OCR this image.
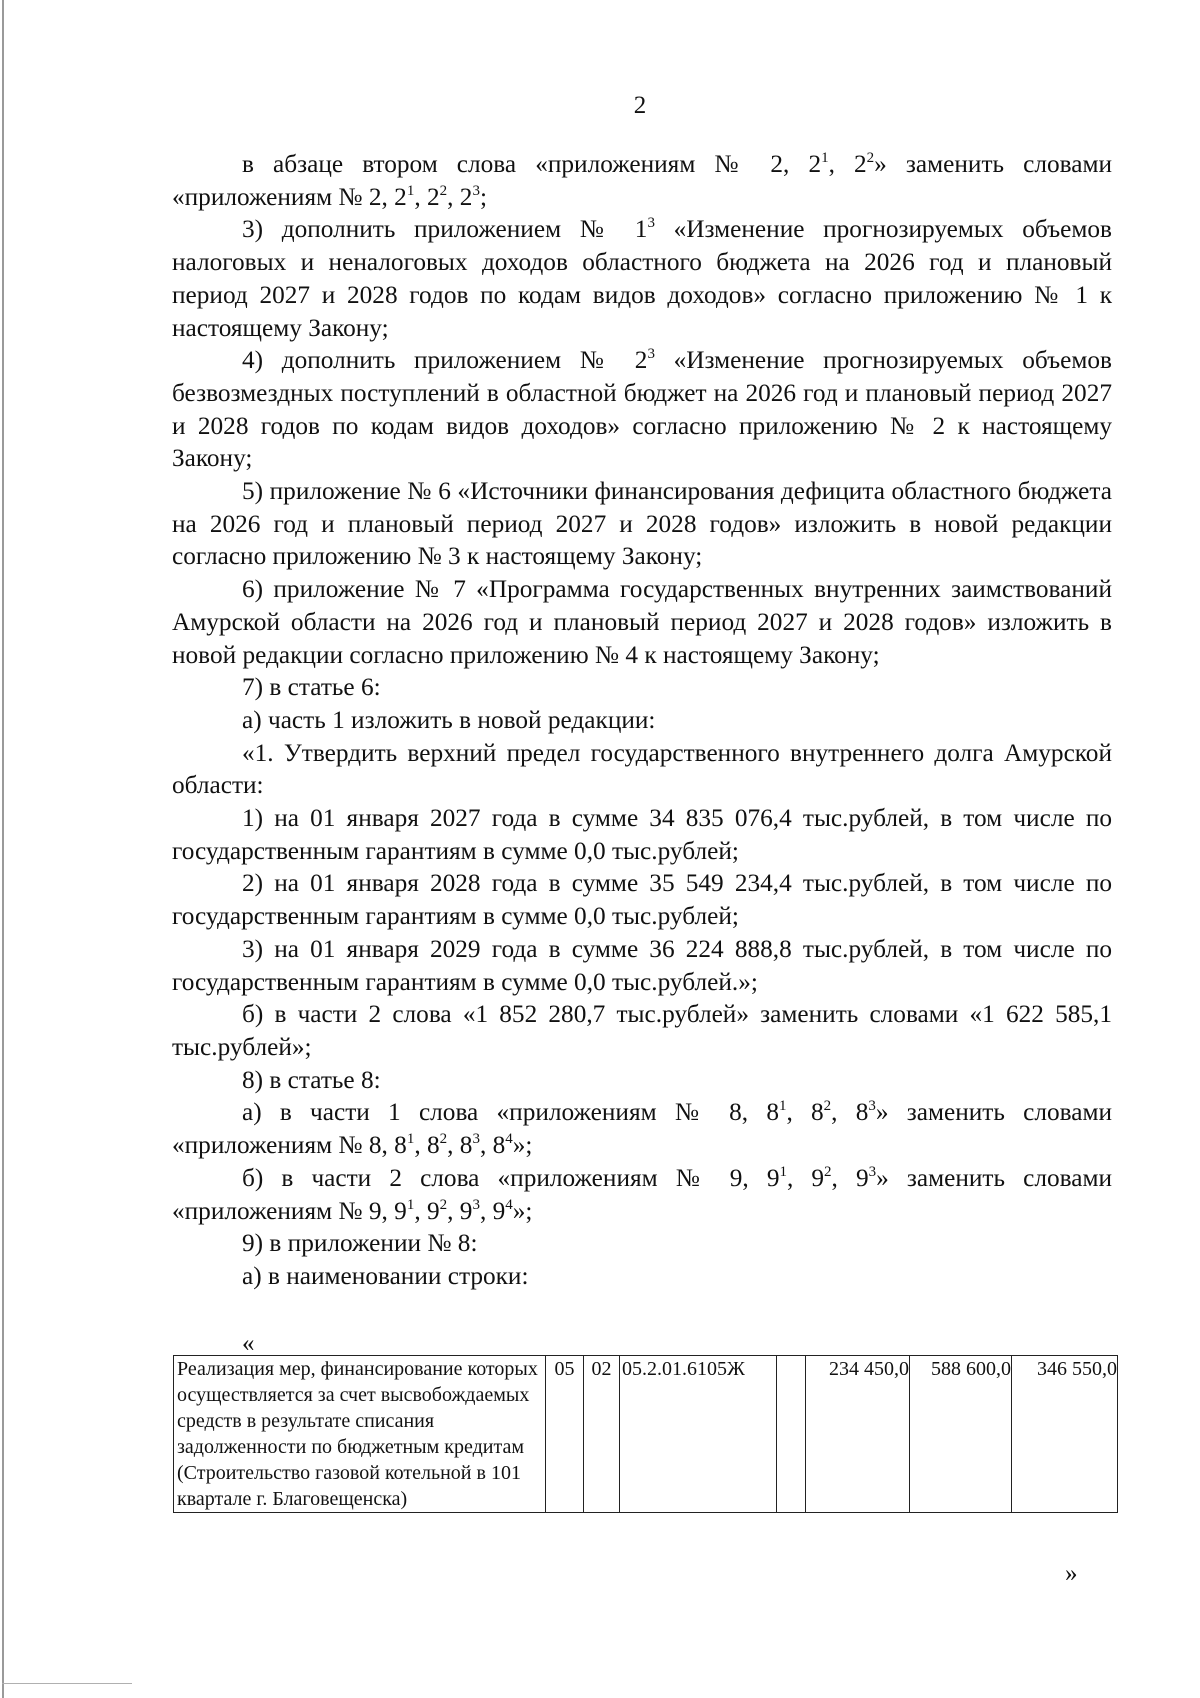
2

в абзаце втором слова «приложениям № 2, $2^1$, $2^2$» заменить словами «приложениям № 2, $2^1$, $2^2$, $2^3$;

3) дополнить приложением № $1^3$ «Изменение прогнозируемых объемов налоговых и неналоговых доходов областного бюджета на 2026 год и плановый период 2027 и 2028 годов по кодам видов доходов» согласно приложению № 1 к настоящему Закону;

4) дополнить приложением № $2^3$ «Изменение прогнозируемых объемов безвозмездных поступлений в областной бюджет на 2026 год и плановый период 2027 и 2028 годов по кодам видов доходов» согласно приложению № 2 к настоящему Закону;

5) приложение № 6 «Источники финансирования дефицита областного бюджета на 2026 год и плановый период 2027 и 2028 годов» изложить в новой редакции согласно приложению № 3 к настоящему Закону;

6) приложение № 7 «Программа государственных внутренних заимствований Амурской области на 2026 год и плановый период 2027 и 2028 годов» изложить в новой редакции согласно приложению № 4 к настоящему Закону;

7) в статье 6:

а) часть 1 изложить в новой редакции:

«1. Утвердить верхний предел государственного внутреннего долга Амурской области:

1) на 01 января 2027 года в сумме 34 835 076,4 тыс.рублей, в том числе по государственным гарантиям в сумме 0,0 тыс.рублей;

2) на 01 января 2028 года в сумме 35 549 234,4 тыс.рублей, в том числе по государственным гарантиям в сумме 0,0 тыс.рублей;

3) на 01 января 2029 года в сумме 36 224 888,8 тыс.рублей, в том числе по государственным гарантиям в сумме 0,0 тыс.рублей.»;

б) в части 2 слова «1 852 280,7 тыс.рублей» заменить словами «1 622 585,1 тыс.рублей»;

8) в статье 8:

а) в части 1 слова «приложениям № 8, $8^1$, $8^2$, $8^3$» заменить словами «приложениям № 8, $8^1$, $8^2$, $8^3$, $8^4$»;

б) в части 2 слова «приложениям № 9, $9^1$, $9^2$, $9^3$» заменить словами «приложениям № 9, $9^1$, $9^2$, $9^3$, $9^4$»;

9) в приложении № 8:

а) в наименовании строки:

«
Реализация мер, финансирование которых осуществляется за счет высвобождаемых средств в результате списания задолженности по бюджетным кредитам (Строительство газовой котельной в 101 квартале г. Благовещенска)	05	02	05.2.01.6105Ж		234 450,0	588 600,0	346 550,0
»
